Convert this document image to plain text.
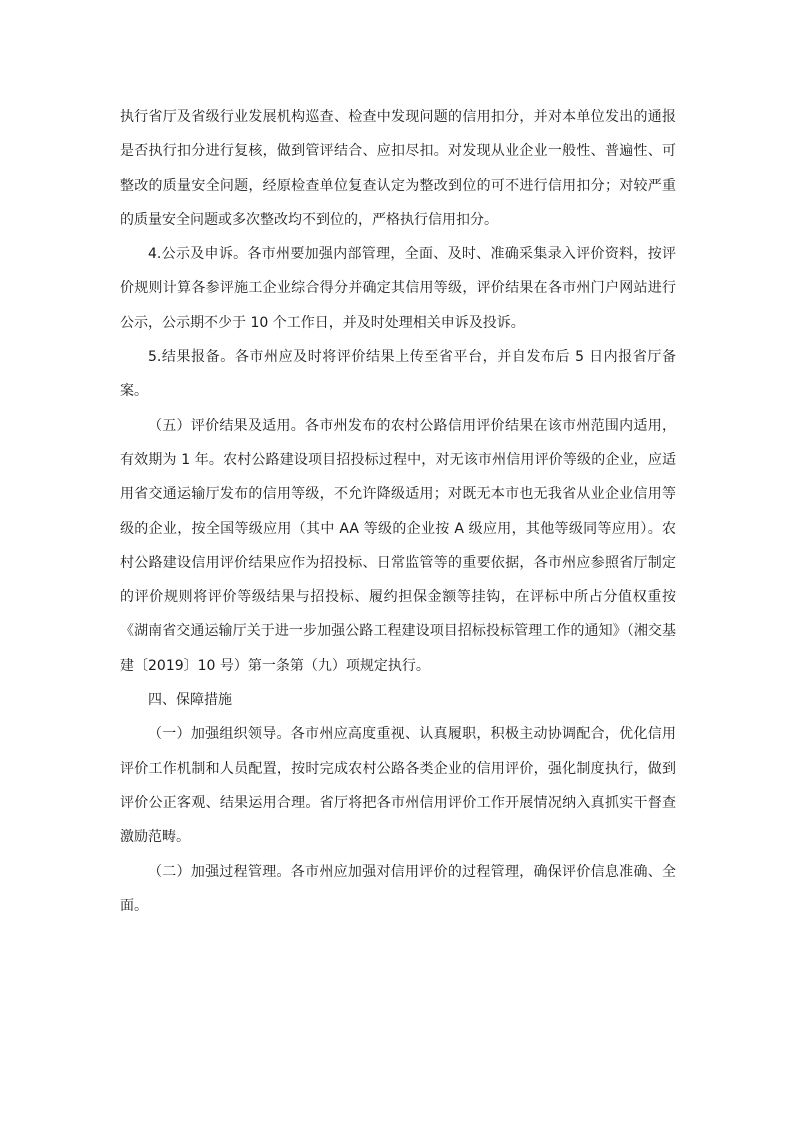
执行省厅及省级行业发展机构巡查、检查中发现问题的信用扣分，并对本单位发出的通报是否执行扣分进行复核，做到管评结合、应扣尽扣。对发现从业企业一般性、普遍性、可整改的质量安全问题，经原检查单位复查认定为整改到位的可不进行信用扣分；对较严重的质量安全问题或多次整改均不到位的，严格执行信用扣分。

4.公示及申诉。各市州要加强内部管理，全面、及时、准确采集录入评价资料，按评价规则计算各参评施工企业综合得分并确定其信用等级，评价结果在各市州门户网站进行公示，公示期不少于 10 个工作日，并及时处理相关申诉及投诉。

5.结果报备。各市州应及时将评价结果上传至省平台，并自发布后 5 日内报省厅备案。

（五）评价结果及适用。各市州发布的农村公路信用评价结果在该市州范围内适用，有效期为 1 年。农村公路建设项目招投标过程中，对无该市州信用评价等级的企业，应适用省交通运输厅发布的信用等级，不允许降级适用；对既无本市也无我省从业企业信用等级的企业，按全国等级应用（其中 AA 等级的企业按 A 级应用，其他等级同等应用）。农村公路建设信用评价结果应作为招投标、日常监管等的重要依据，各市州应参照省厅制定的评价规则将评价等级结果与招投标、履约担保金额等挂钩，在评标中所占分值权重按《湖南省交通运输厅关于进一步加强公路工程建设项目招标投标管理工作的通知》（湘交基建〔2019〕10 号）第一条第（九）项规定执行。

四、保障措施

（一）加强组织领导。各市州应高度重视、认真履职，积极主动协调配合，优化信用评价工作机制和人员配置，按时完成农村公路各类企业的信用评价，强化制度执行，做到评价公正客观、结果运用合理。省厅将把各市州信用评价工作开展情况纳入真抓实干督查激励范畴。

（二）加强过程管理。各市州应加强对信用评价的过程管理，确保评价信息准确、全面。
